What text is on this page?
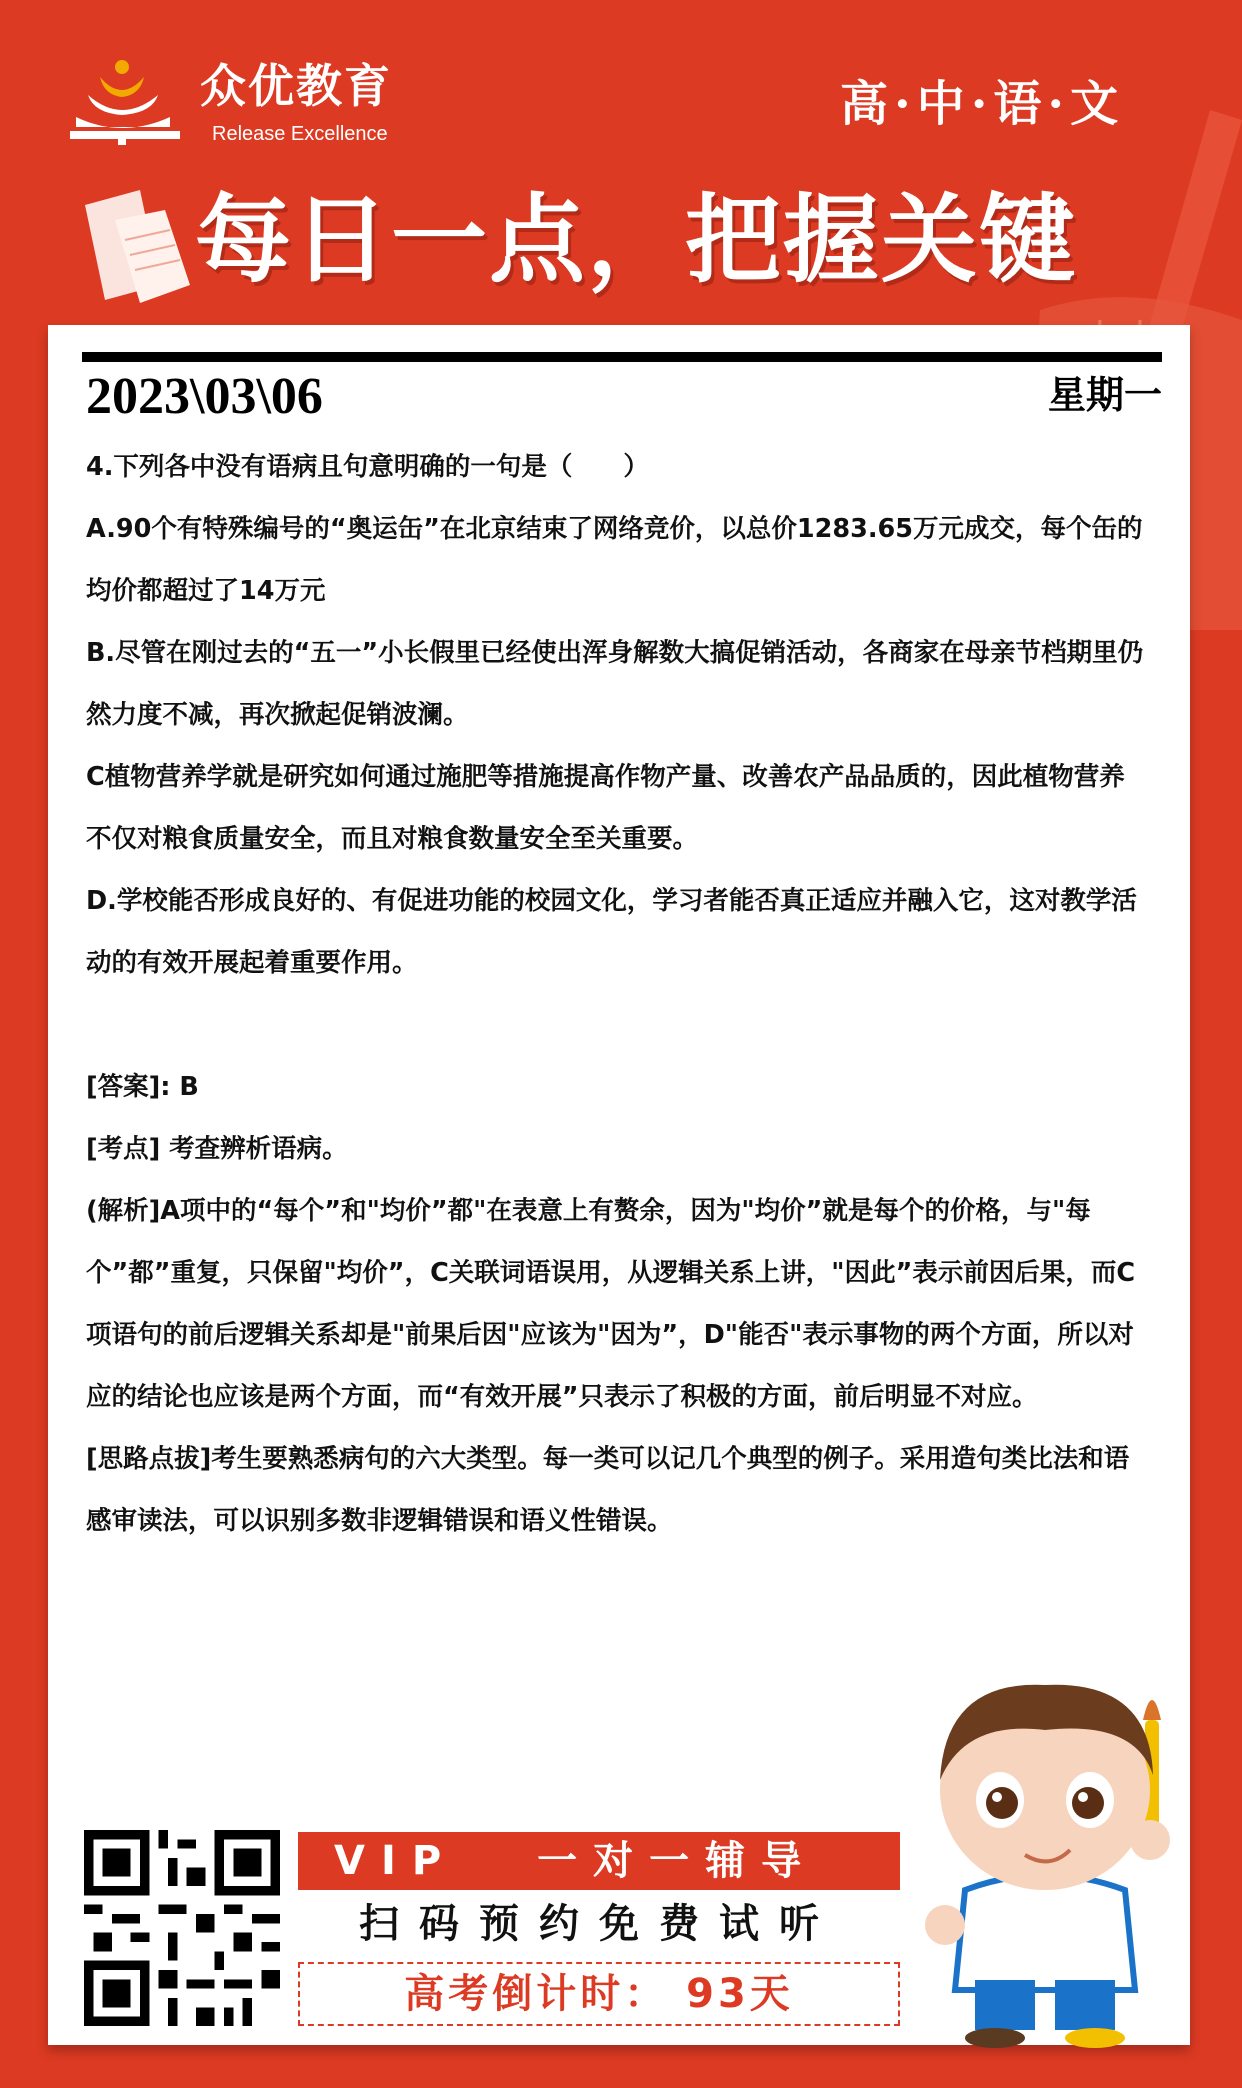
众优教育
Release Excellence
高·中·语·文
每日一点，把握关键
2023\03\06	星期一

4.下列各中没有语病且句意明确的一句是（　　）

A.90个有特殊编号的“奥运缶”在北京结束了网络竞价，以总价1283.65万元成交，每个缶的均价都超过了14万元

B.尽管在刚过去的“五一”小长假里已经使出浑身解数大搞促销活动，各商家在母亲节档期里仍然力度不减，再次掀起促销波澜。

C植物营养学就是研究如何通过施肥等措施提高作物产量、改善农产品品质的，因此植物营养不仅对粮食质量安全，而且对粮食数量安全至关重要。

D.学校能否形成良好的、有促进功能的校园文化，学习者能否真正适应并融入它，这对教学活动的有效开展起着重要作用。

[答案]: B

[考点] 考查辨析语病。

(解析]A项中的“每个”和"均价”都"在表意上有赘余，因为"均价”就是每个的价格，与"每个”都”重复，只保留"均价”，C关联词语误用，从逻辑关系上讲，"因此”表示前因后果，而C项语句的前后逻辑关系却是"前果后因"应该为"因为”，D"能否"表示事物的两个方面，所以对应的结论也应该是两个方面，而“有效开展”只表示了积极的方面，前后明显不对应。

[思路点拔]考生要熟悉病句的六大类型。每一类可以记几个典型的例子。采用造句类比法和语感审读法，可以识别多数非逻辑错误和语义性错误。

VIP 一对一辅导
扫码预约免费试听
高考倒计时： 93天
